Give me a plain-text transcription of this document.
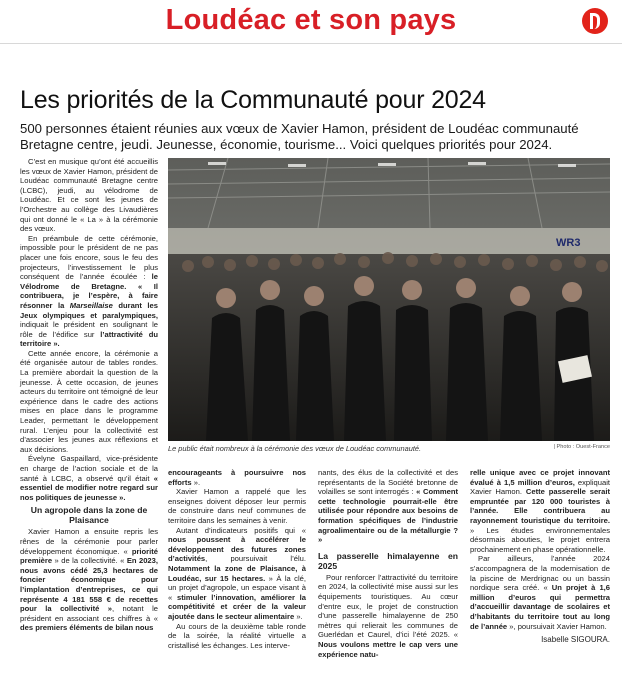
Loudéac et son pays
Les priorités de la Communauté pour 2024
500 personnes étaient réunies aux vœux de Xavier Hamon, président de Loudéac communauté Bretagne centre, jeudi. Jeunesse, économie, tourisme... Voici quelques priorités pour 2024.

C’est en musique qu’ont été accueillis les vœux de Xavier Hamon, président de Loudéac communauté Bretagne centre (LCBC), jeudi, au vélodrome de Loudéac. Et ce sont les jeunes de l’Orchestre au collège des Livaudières qui ont donné le « La » à la cérémonie des vœux.

En préambule de cette cérémonie, impossible pour le président de ne pas placer une fois encore, sous le feu des projecteurs, l’investissement le plus conséquent de l’année écoulée : le Vélodrome de Bretagne. « Il contribuera, je l’espère, à faire résonner la Marseillaise durant les Jeux olympiques et paralympiques, indiquait le président en soulignant le rôle de l’édifice sur l’attractivité du territoire ».

Cette année encore, la cérémonie a été organisée autour de tables rondes. La première abordait la question de la jeunesse. À cette occasion, de jeunes acteurs du territoire ont témoigné de leur expérience dans le cadre des actions mises en place dans le programme Leader, permettant le développement rural. L’enjeu pour la collectivité est d’associer les jeunes aux réflexions et aux décisions.

Évelyne Gaspaillard, vice-présidente en charge de l’action sociale et de la santé à LCBC, a observé qu’il était « essentiel de modifier notre regard sur nos politiques de jeunesse ».

Un agropole dans la zone de Plaisance

Xavier Hamon a ensuite repris les rênes de la cérémonie pour parler développement économique. « priorité première » de la collectivité. « En 2023, nous avons cédé 25,3 hectares de foncier économique pour l’implantation d’entreprises, ce qui représente 4 181 558 € de recettes pour la collectivité », notant le président en associant ces chiffres à « des premiers éléments de bilan nous

WR3
Le public était nombreux à la cérémonie des vœux de Loudéac communauté.	| Photo : Ouest-France

encourageants à poursuivre nos efforts ».

Xavier Hamon a rappelé que les enseignes doivent déposer leur permis de construire dans neuf communes de territoire dans les semaines à venir.

Autant d’indicateurs positifs qui « nous poussent à accélérer le développement des futures zones d’activités, poursuivait l’élu. Notamment la zone de Plaisance, à Loudéac, sur 15 hectares. » À la clé, un projet d’agropole, un espace visant à « stimuler l’innovation, améliorer la compétitivité et créer de la valeur ajoutée dans le secteur alimentaire ».

Au cours de la deuxième table ronde de la soirée, la réalité virtuelle a cristallisé les échanges. Les interve-

nants, des élus de la collectivité et des représentants de la Société bretonne de volailles se sont interrogés : « Comment cette technologie pourrait-elle être utilisée pour répondre aux besoins de formation spécifiques de l’industrie agroalimentaire ou de la métallurgie ? »

La passerelle himalayenne en 2025

Pour renforcer l’attractivité du territoire en 2024, la collectivité mise aussi sur les équipements touristiques. Au cœur d’entre eux, le projet de construction d’une passerelle himalayenne de 250 mètres qui relierait les communes de Guerlédan et Caurel, d’ici l’été 2025. « Nous voulons mettre le cap vers une expérience natu-

relle unique avec ce projet innovant évalué à 1,5 million d’euros, expliquait Xavier Hamon. Cette passerelle serait empruntée par 120 000 touristes à l’année. Elle contribuera au rayonnement touristique du territoire. » Les études environnementales désormais abouties, le projet entrera prochainement en phase opérationnelle.

Par ailleurs, l’année 2024 s’accompagnera de la modernisation de la piscine de Merdrignac ou un bassin nordique sera créé. « Un projet à 1,6 million d’euros qui permettra d’accueillir davantage de scolaires et d’habitants du territoire tout au long de l’année », poursuivait Xavier Hamon.

Isabelle SIGOURA.
